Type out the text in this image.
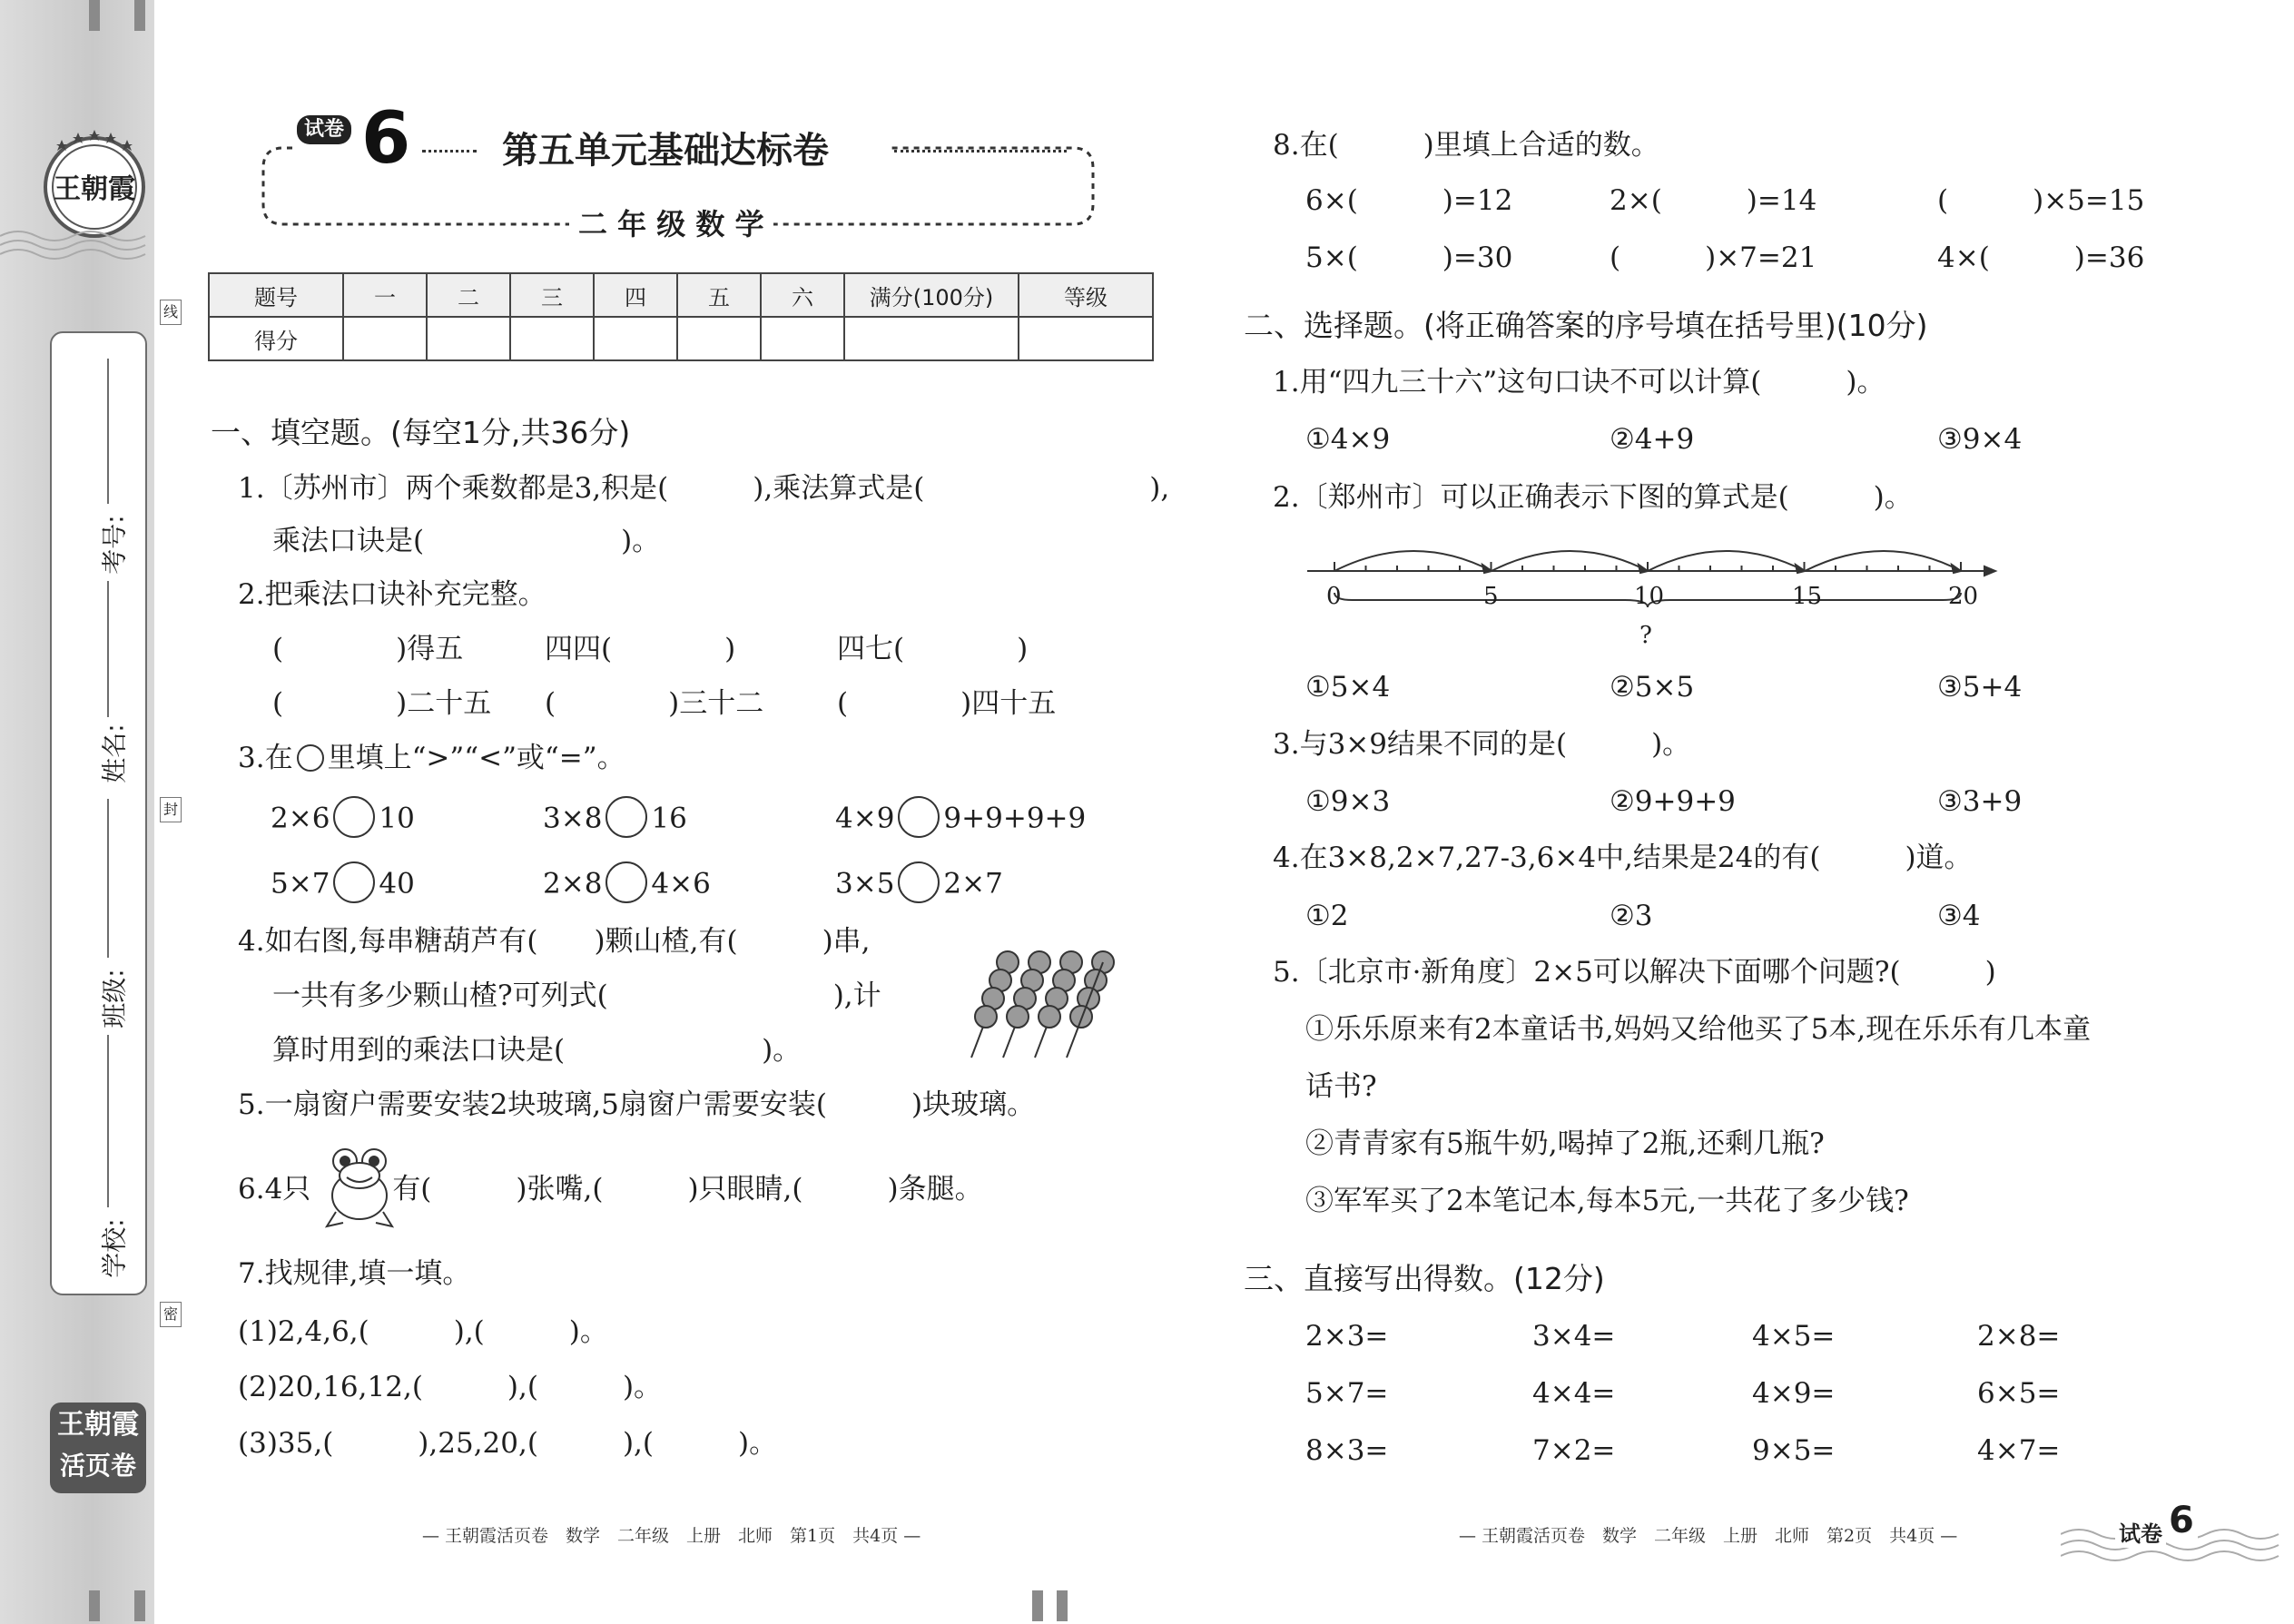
王朝霞
考号:
姓名:
班级:
学校:
线
封
密
王朝霞
活页卷
试卷 6	第五单元基础达标卷
二 年 级 数 学
题号	一	二	三	四	五	六	满分(100分)	等级
得分								
一、填空题。(每空1分,共36分)
1.〔苏州市〕两个乘数都是3,积是(　　　),乘法算式是(　　　　　　　　),
乘法口诀是(　　　　　　　)。
2.把乘法口诀补充完整。
(　　　　)得五	四四(　　　　)	四七(　　　　)
(　　　　)二十五 (　　　　)三十二	(　　　　)四十五
3.在 里填上“>”“<”或“=”。
2×6 10	3×8 16	4×9 9+9+9+9
5×7 40	2×8 4×6	3×5 2×7
4.如右图,每串糖葫芦有(　　)颗山楂,有(　　　)串,
一共有多少颗山楂?可列式(　　　　　　　　),计
算时用到的乘法口诀是(　　　　　　　)。
5.一扇窗户需要安装2块玻璃,5扇窗户需要安装(　　　)块玻璃。
6.4只	有(　　　)张嘴,(　　　)只眼睛,(　　　)条腿。
7.找规律,填一填。
(1)2,4,6,(　　　),(　　　)。
(2)20,16,12,(　　　),(　　　)。
(3)35,(　　　),25,20,(　　　),(　　　)。
8.在(　　　)里填上合适的数。
6×(　　　)=12	2×(　　　)=14	(　　　)×5=15
5×(　　　)=30	(　　　)×7=21	4×(　　　)=36
二、选择题。(将正确答案的序号填在括号里)(10分)
1.用“四九三十六”这句口诀不可以计算(　　　)。
①4×9	②4+9	③9×4
2.〔郑州市〕可以正确表示下图的算式是(　　　)。
0	5	10	15	20
?
①5×4	②5×5	③5+4
3.与3×9结果不同的是(　　　)。
①9×3	②9+9+9	③3+9
4.在3×8,2×7,27-3,6×4中,结果是24的有(　　　)道。
①2	②3	③4
5.〔北京市·新角度〕2×5可以解决下面哪个问题?(　　　)
①乐乐原来有2本童话书,妈妈又给他买了5本,现在乐乐有几本童
话书?
②青青家有5瓶牛奶,喝掉了2瓶,还剩几瓶?
③军军买了2本笔记本,每本5元,一共花了多少钱?
三、直接写出得数。(12分)
2×3=	3×4=	4×5=	2×8=
5×7=	4×4=	4×9=	6×5=
8×3=	7×2=	9×5=	4×7=
— 王朝霞活页卷　数学　二年级　上册　北师　第1页　共4页 —	— 王朝霞活页卷　数学　二年级　上册　北师　第2页　共4页 —	试卷 6
